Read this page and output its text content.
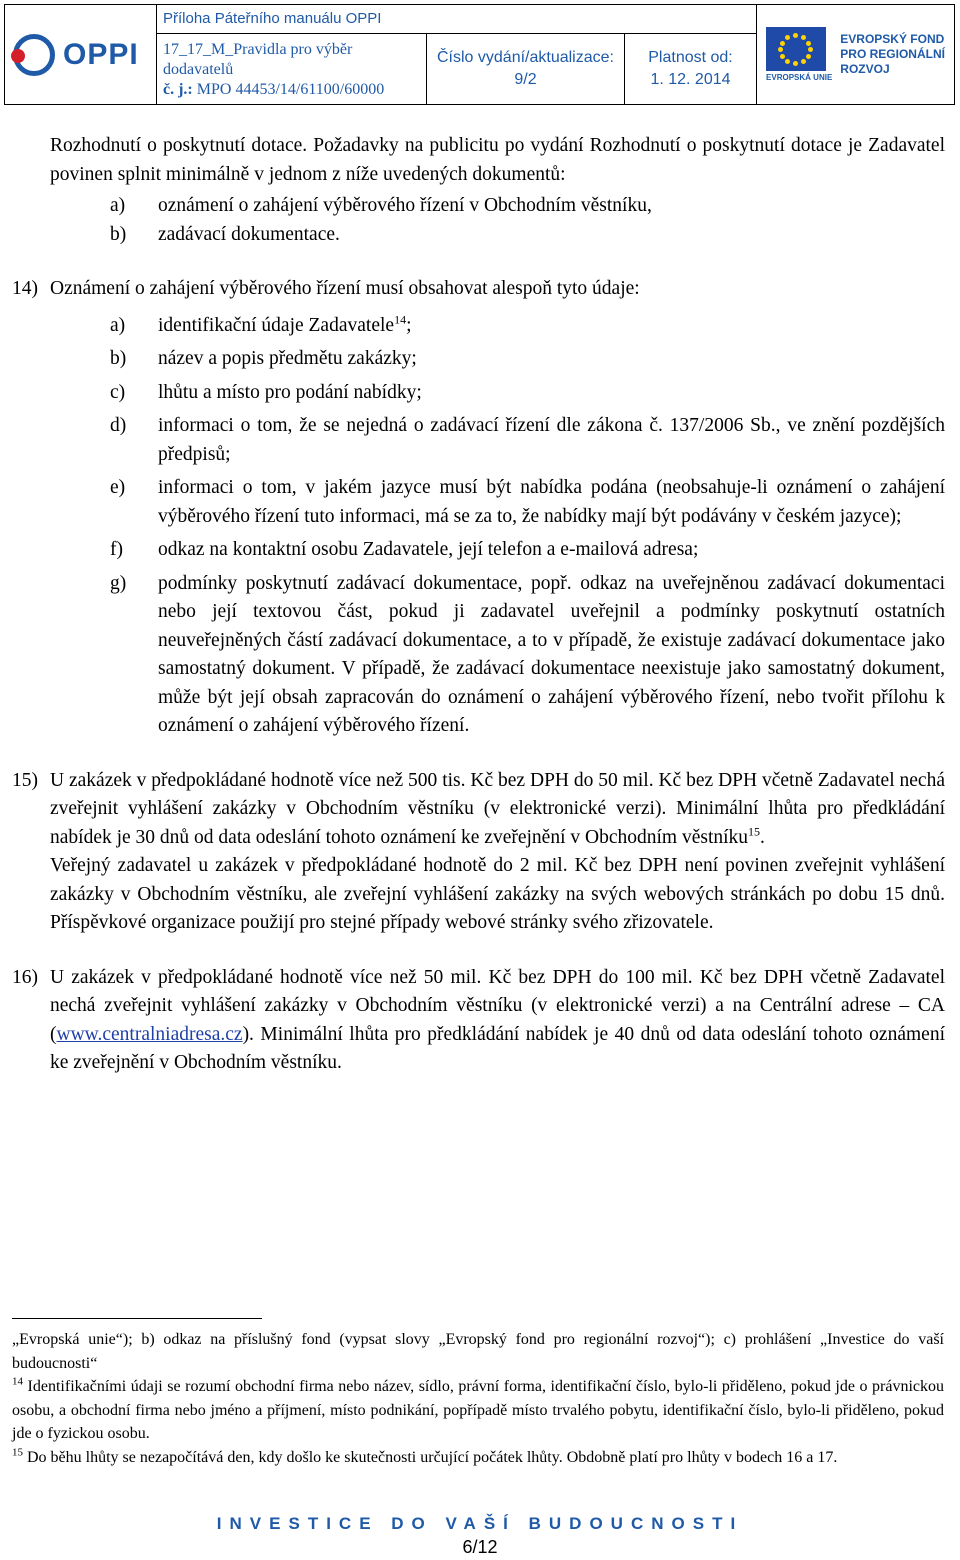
OPPI

Příloha Páteřního manuálu OPPI
17_17_M_Pravidla pro výběr
dodavatelů
č. j.: MPO 44453/14/61100/60000
Číslo vydání/aktualizace:
9/2
Platnost od:
1. 12. 2014	EVROPSKÁ UNIE
EVROPSKÝ FOND
PRO REGIONÁLNÍ
ROZVOJ

Rozhodnutí o poskytnutí dotace. Požadavky na publicitu po vydání Rozhodnutí o poskytnutí dotace je Zadavatel povinen splnit minimálně v jednom z níže uvedených dokumentů:

a)	oznámení o zahájení výběrového řízení v Obchodním věstníku,
b)	zadávací dokumentace.
14) Oznámení o zahájení výběrového řízení musí obsahovat alespoň tyto údaje:

a)	identifikační údaje Zadavatele$^{14}$;
b)	název a popis předmětu zakázky;
c)	lhůtu a místo pro podání nabídky;
d)	informaci o tom, že se nejedná o zadávací řízení dle zákona č. 137/2006 Sb., ve znění pozdějších předpisů;
e)	informaci o tom, v jakém jazyce musí být nabídka podána (neobsahuje-li oznámení o zahájení výběrového řízení tuto informaci, má se za to, že nabídky mají být podávány v českém jazyce);
f)	odkaz na kontaktní osobu Zadavatele, její telefon a e-mailová adresa;
g)	podmínky poskytnutí zadávací dokumentace, popř. odkaz na uveřejněnou zadávací dokumentaci nebo její textovou část, pokud ji zadavatel uveřejnil a podmínky poskytnutí ostatních neuveřejněných částí zadávací dokumentace, a to v případě, že existuje zadávací dokumentace jako samostatný dokument. V případě, že zadávací dokumentace neexistuje jako samostatný dokument, může být její obsah zapracován do oznámení o zahájení výběrového řízení, nebo tvořit přílohu k oznámení o zahájení výběrového řízení.
15) U zakázek v předpokládané hodnotě více než 500 tis. Kč bez DPH do 50 mil. Kč bez DPH včetně Zadavatel nechá zveřejnit vyhlášení zakázky v Obchodním věstníku (v elektronické verzi). Minimální lhůta pro předkládání nabídek je 30 dnů od data odeslání tohoto oznámení ke zveřejnění v Obchodním věstníku$^{15}$.

Veřejný zadavatel u zakázek v předpokládané hodnotě do 2 mil. Kč bez DPH není povinen zveřejnit vyhlášení zakázky v Obchodním věstníku, ale zveřejní vyhlášení zakázky na svých webových stránkách po dobu 15 dnů. Příspěvkové organizace použijí pro stejné případy webové stránky svého zřizovatele.

16) U zakázek v předpokládané hodnotě více než 50 mil. Kč bez DPH do 100 mil. Kč bez DPH včetně Zadavatel nechá zveřejnit vyhlášení zakázky v Obchodním věstníku (v elektronické verzi) a na Centrální adrese – CA (www.centralniadresa.cz). Minimální lhůta pro předkládání nabídek je 40 dnů od data odeslání tohoto oznámení ke zveřejnění v Obchodním věstníku.

„Evropská unie“); b) odkaz na příslušný fond (vypsat slovy „Evropský fond pro regionální rozvoj“); c) prohlášení „Investice do vaší budoucnosti“

$^{14}$ Identifikačními údaji se rozumí obchodní firma nebo název, sídlo, právní forma, identifikační číslo, bylo-li přiděleno, pokud jde o právnickou osobu, a obchodní firma nebo jméno a příjmení, místo podnikání, popřípadě místo trvalého pobytu, identifikační číslo, bylo-li přiděleno, pokud jde o fyzickou osobu.

$^{15}$ Do běhu lhůty se nezapočítává den, kdy došlo ke skutečnosti určující počátek lhůty. Obdobně platí pro lhůty v bodech 16 a 17.

INVESTICE DO VAŠÍ BUDOUCNOSTI
6/12
